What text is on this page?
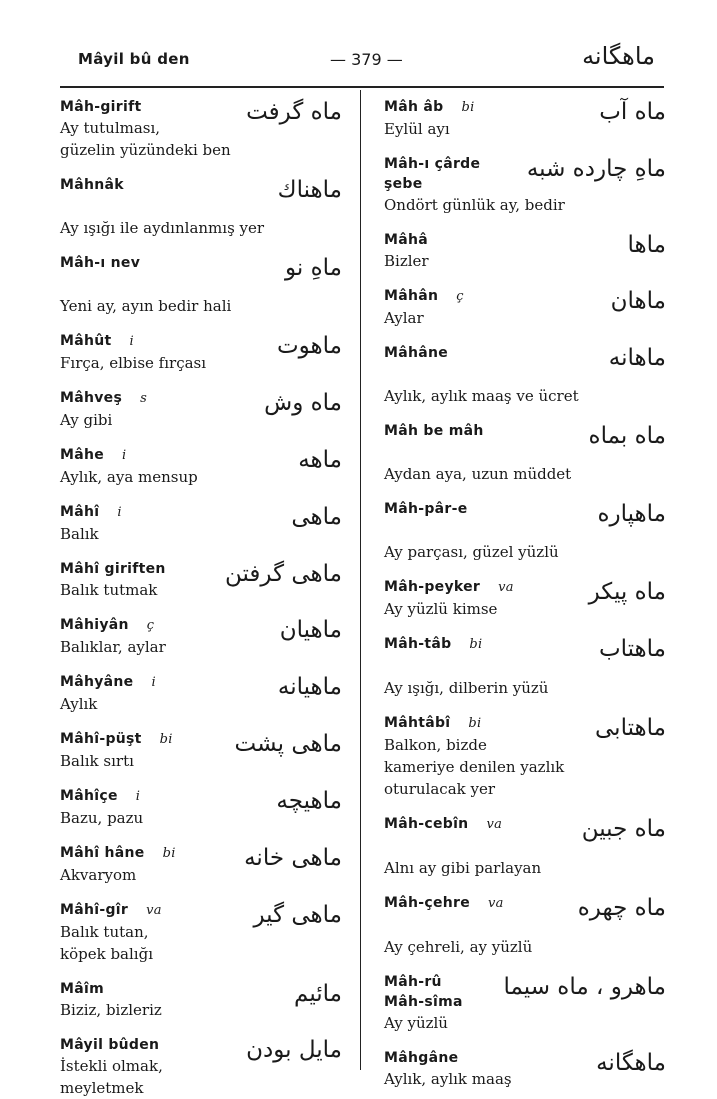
Mâyil bû den	— 379 —	ماهگانه
ماه گرفت
Mâh-girift
Ay tutulması,
güzelin yüzündeki ben
ماهناك
Mâhnâk

Ay ışığı ile aydınlanmış yer
ماهِ نو
Mâh-ı nev

Yeni ay, ayın bedir hali
ماهوت
Mâhût i
Fırça, elbise fırçası
ماه وش
Mâhveş s
Ay gibi
ماهه
Mâhe i
Aylık, aya mensup
ماهى
Mâhî i
Balık
ماهى گرفتن
Mâhî giriften
Balık tutmak
ماهيان
Mâhiyân ç
Balıklar, aylar
ماهيانه
Mâhyâne i
Aylık
ماهى پشت
Mâhî-püşt bi
Balık sırtı
ماهيچه
Mâhîçe i
Bazu, pazu
ماهى خانه
Mâhî hâne bi
Akvaryom
ماهى گير
Mâhî-gîr va
Balık tutan,
köpek balığı
مائيم
Mâîm
Biziz, bizleriz
مايل بودن
Mâyil bûden
İstekli olmak,
meyletmek
ماه آب
Mâh âb bi
Eylül ayı
ماهِ چارده شبه
Mâh-ı çârde
şebe
Ondört günlük ay, bedir
ماها
Mâhâ
Bizler
ماهان
Mâhân ç
Aylar
ماهانه
Mâhâne

Aylık, aylık maaş ve ücret
ماه بماه
Mâh be mâh

Aydan aya, uzun müddet
ماهپاره
Mâh-pâr-e

Ay parçası, güzel yüzlü
ماه پيكر
Mâh-peyker va
Ay yüzlü kimse
ماهتاب
Mâh-tâb bi

Ay ışığı, dilberin yüzü
ماهتابى
Mâhtâbî bi
Balkon, bizde
kameriye denilen yazlık
oturulacak yer
ماه جبين
Mâh-cebîn va

Alnı ay gibi parlayan
ماه چهره
Mâh-çehre va

Ay çehreli, ay yüzlü
ماهرو ، ماه سيما
Mâh-rû
Mâh-sîma
Ay yüzlü
ماهگانه
Mâhgâne
Aylık, aylık maaş
